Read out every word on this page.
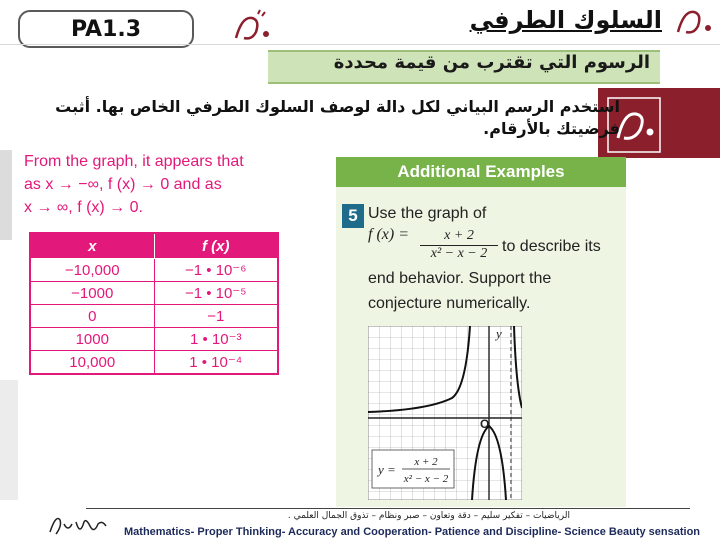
PA1.3	السلوك الطرفي
الرسوم التي تقترب من قيمة محددة
استخدم الرسم البياني لكل دالة لوصف السلوك الطرفي الخاص بها. أثبت فرضيتك بالأرقام.
From the graph, it appears that
as x → −∞, f (x) → 0 and as
x → ∞, f (x) → 0.
x	f (x)
−10,000	−1 • 10⁻⁶
−1000	−1 • 10⁻⁵
0	−1
1000	1 • 10⁻³
10,000	1 • 10⁻⁴
Additional Examples
5 Use the graph of
f $(x) = \frac{x + 2}{\text{x² − x − 2}}$ to describe its
end behavior. Support the
conjecture numerically.
y
O
y = x + 2
x² − x − 2
الرياضيات – تفكير سليم – دقة وتعاون – صبر ونظام – تذوق الجمال العلمي .
Mathematics- Proper Thinking- Accuracy and Cooperation- Patience and Discipline- Science Beauty sensation
